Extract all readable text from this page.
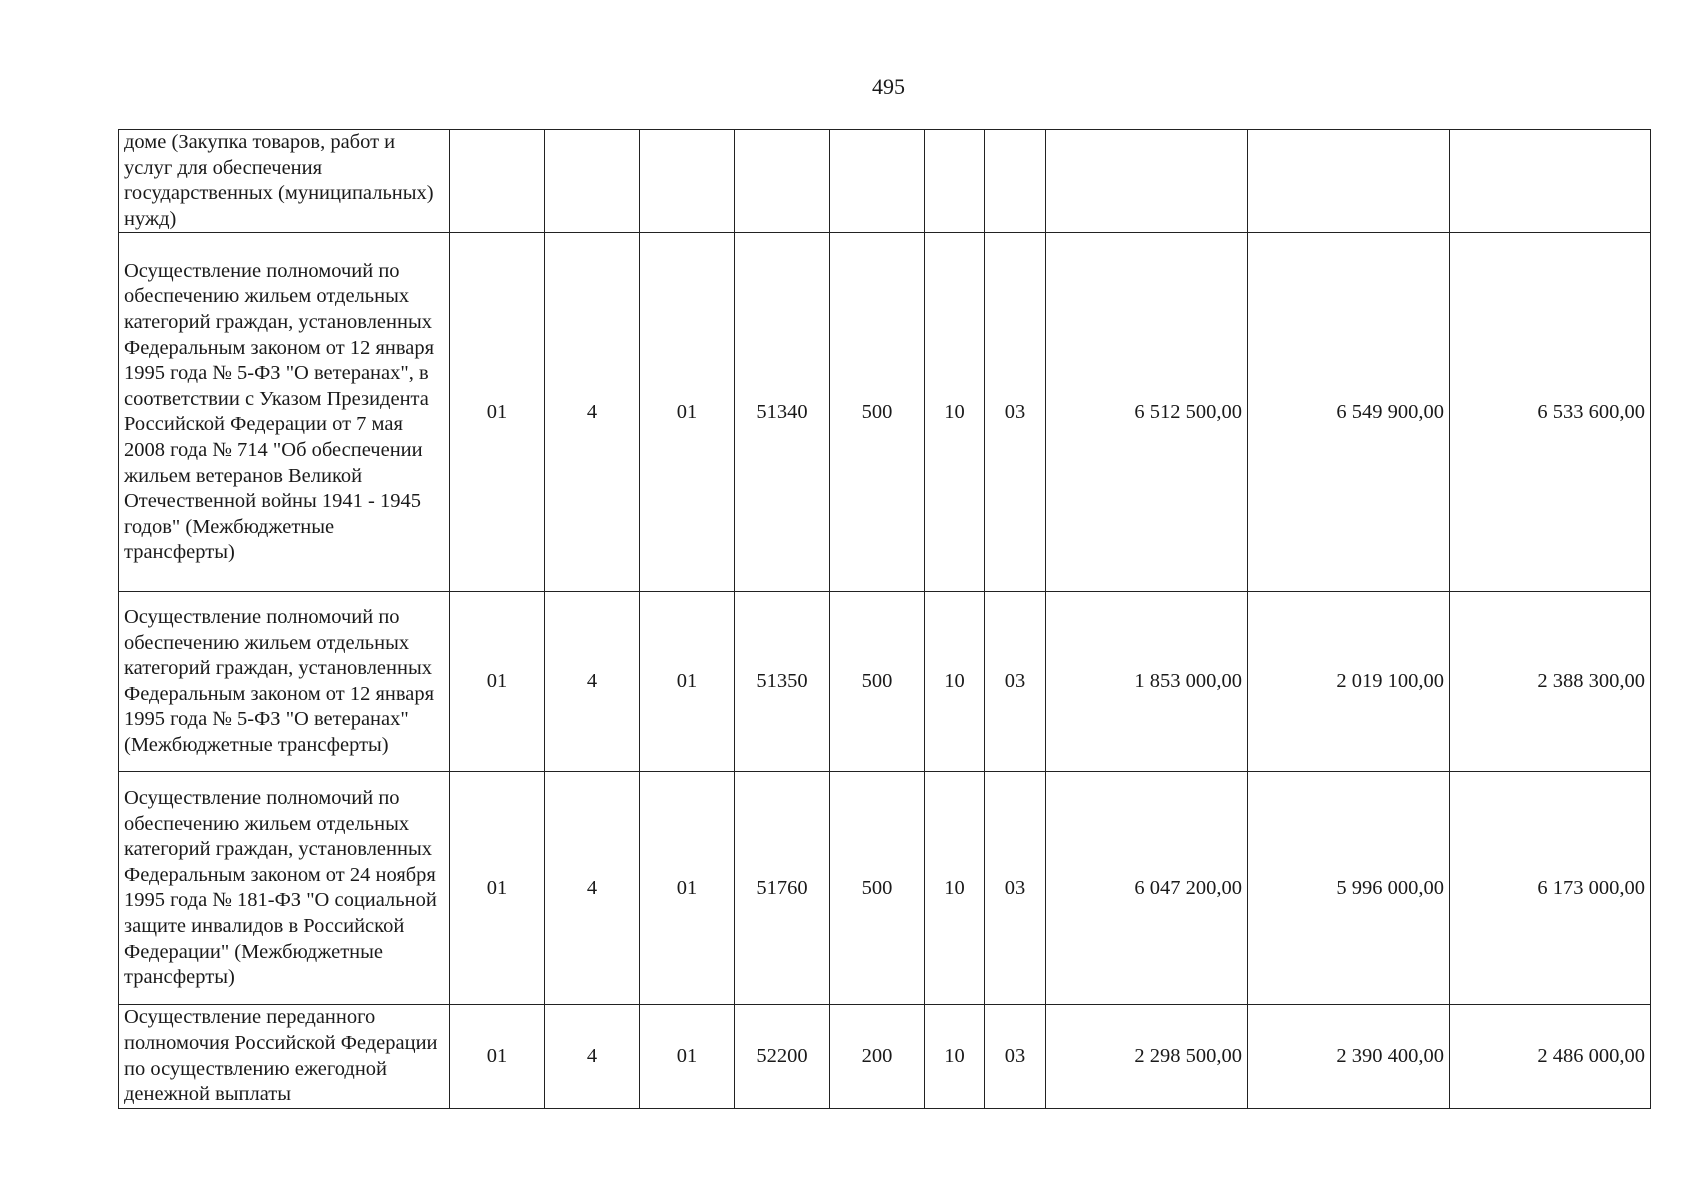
495
доме (Закупка товаров, работ и услуг для обеспечения государственных (муниципальных) нужд)										
Осуществление полномочий по обеспечению жильем отдельных категорий граждан, установленных Федеральным законом от 12 января 1995 года № 5-ФЗ "О ветеранах", в соответствии с Указом Президента Российской Федерации от 7 мая 2008 года № 714 "Об обеспечении жильем ветеранов Великой Отечественной войны 1941 - 1945 годов" (Межбюджетные трансферты)	01	4	01	51340	500	10	03	6 512 500,00	6 549 900,00	6 533 600,00
Осуществление полномочий по обеспечению жильем отдельных категорий граждан, установленных Федеральным законом от 12 января 1995 года № 5-ФЗ "О ветеранах" (Межбюджетные трансферты)	01	4	01	51350	500	10	03	1 853 000,00	2 019 100,00	2 388 300,00
Осуществление полномочий по обеспечению жильем отдельных категорий граждан, установленных Федеральным законом от 24 ноября 1995 года № 181-ФЗ "О социальной защите инвалидов в Российской Федерации" (Межбюджетные трансферты)	01	4	01	51760	500	10	03	6 047 200,00	5 996 000,00	6 173 000,00
Осуществление переданного полномочия Российской Федерации по осуществлению ежегодной денежной выплаты	01	4	01	52200	200	10	03	2 298 500,00	2 390 400,00	2 486 000,00
